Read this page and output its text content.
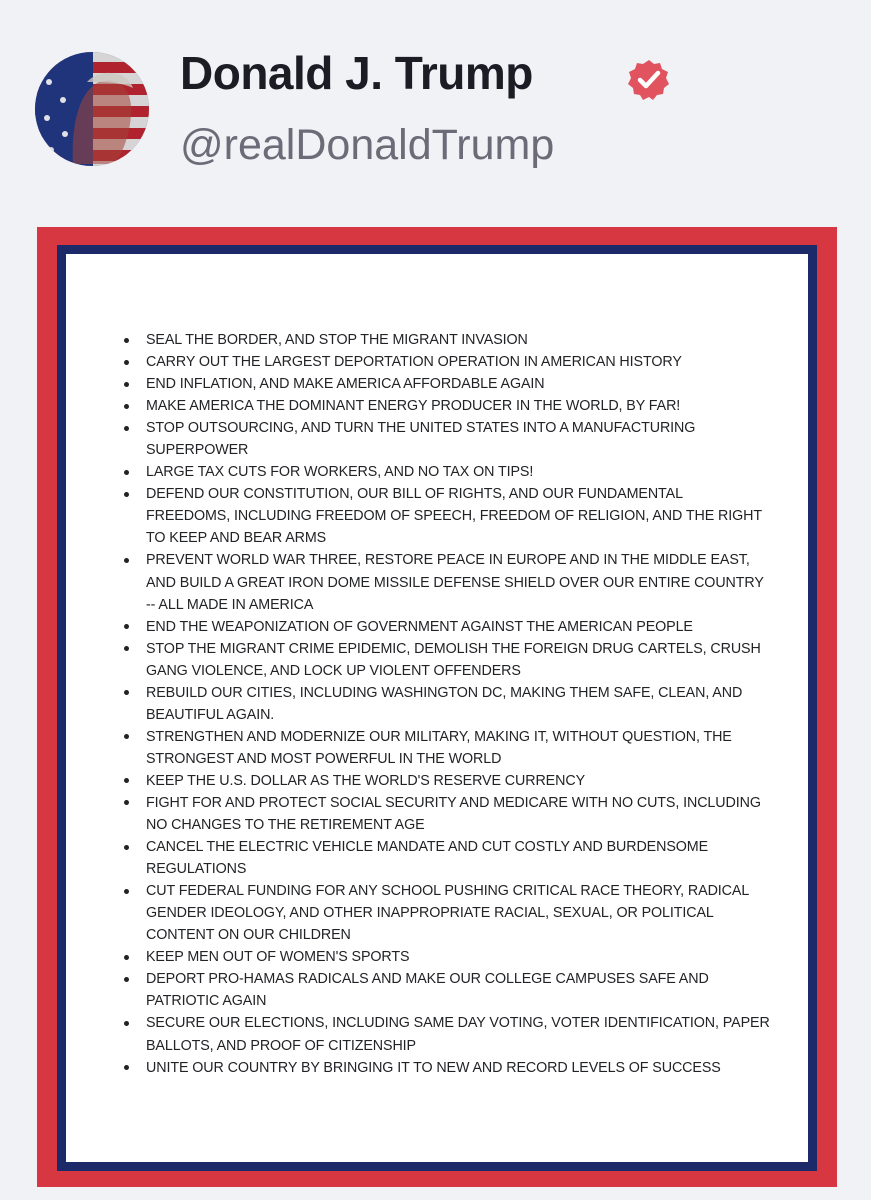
Donald J. Trump
@realDonaldTrump
SEAL THE BORDER, AND STOP THE MIGRANT INVASION
CARRY OUT THE LARGEST DEPORTATION OPERATION IN AMERICAN HISTORY
END INFLATION, AND MAKE AMERICA AFFORDABLE AGAIN
MAKE AMERICA THE DOMINANT ENERGY PRODUCER IN THE WORLD, BY FAR!
STOP OUTSOURCING, AND TURN THE UNITED STATES INTO A MANUFACTURING SUPERPOWER
LARGE TAX CUTS FOR WORKERS, AND NO TAX ON TIPS!
DEFEND OUR CONSTITUTION, OUR BILL OF RIGHTS, AND OUR FUNDAMENTAL FREEDOMS, INCLUDING FREEDOM OF SPEECH, FREEDOM OF RELIGION, AND THE RIGHT TO KEEP AND BEAR ARMS
PREVENT WORLD WAR THREE, RESTORE PEACE IN EUROPE AND IN THE MIDDLE EAST, AND BUILD A GREAT IRON DOME MISSILE DEFENSE SHIELD OVER OUR ENTIRE COUNTRY -- ALL MADE IN AMERICA
END THE WEAPONIZATION OF GOVERNMENT AGAINST THE AMERICAN PEOPLE
STOP THE MIGRANT CRIME EPIDEMIC, DEMOLISH THE FOREIGN DRUG CARTELS, CRUSH GANG VIOLENCE, AND LOCK UP VIOLENT OFFENDERS
REBUILD OUR CITIES, INCLUDING WASHINGTON DC, MAKING THEM SAFE, CLEAN, AND BEAUTIFUL AGAIN.
STRENGTHEN AND MODERNIZE OUR MILITARY, MAKING IT, WITHOUT QUESTION, THE STRONGEST AND MOST POWERFUL IN THE WORLD
KEEP THE U.S. DOLLAR AS THE WORLD'S RESERVE CURRENCY
FIGHT FOR AND PROTECT SOCIAL SECURITY AND MEDICARE WITH NO CUTS, INCLUDING NO CHANGES TO THE RETIREMENT AGE
CANCEL THE ELECTRIC VEHICLE MANDATE AND CUT COSTLY AND BURDENSOME REGULATIONS
CUT FEDERAL FUNDING FOR ANY SCHOOL PUSHING CRITICAL RACE THEORY, RADICAL GENDER IDEOLOGY, AND OTHER INAPPROPRIATE RACIAL, SEXUAL, OR POLITICAL CONTENT ON OUR CHILDREN
KEEP MEN OUT OF WOMEN'S SPORTS
DEPORT PRO-HAMAS RADICALS AND MAKE OUR COLLEGE CAMPUSES SAFE AND PATRIOTIC AGAIN
SECURE OUR ELECTIONS, INCLUDING SAME DAY VOTING, VOTER IDENTIFICATION, PAPER BALLOTS, AND PROOF OF CITIZENSHIP
UNITE OUR COUNTRY BY BRINGING IT TO NEW AND RECORD LEVELS OF SUCCESS
